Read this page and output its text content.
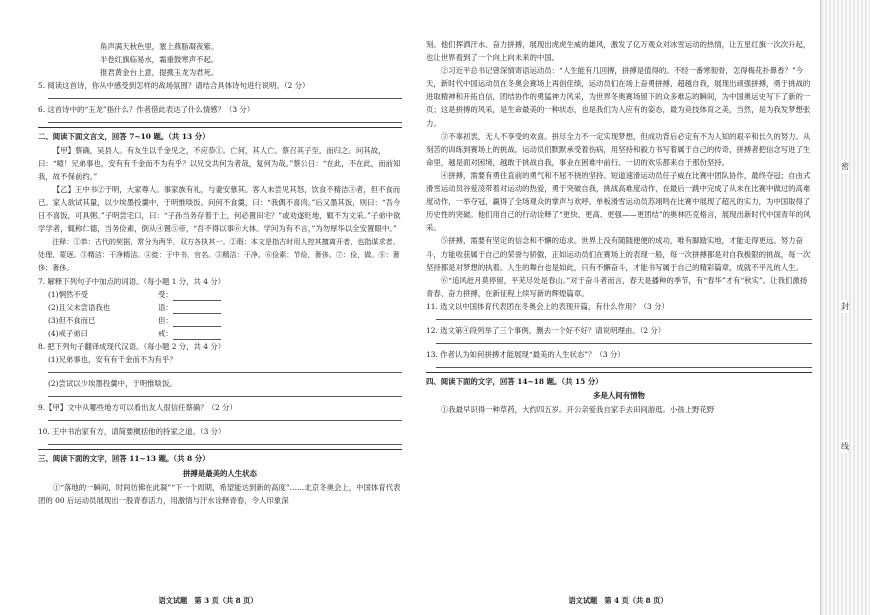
角声满天秋色里，塞上燕脂凝夜紫。

半卷红旗临易水，霜重鼓寒声不起。

报君黄金台上意，提携玉龙为君死。

5. 阅读这首诗，你从中感受到怎样的战场氛围？请结合具体诗句进行说明。（2 分）

6. 这首诗中的“玉龙”指什么？作者借此表达了什么情感？（3 分）

二、阅读下面文言文，回答 7~10 题。（共 13 分）

【甲】蔡确，吴县人。有友生以千金见之，不应恭①。亡何，其人亡。蔡召其子至，而归之。问其故，曰：“噫！兄弟事也，安有有千金而不为有乎？以兄交共何为者哉，复何为哉。”蔡公日：“在此，不在此，而前知我，故不保前约。”

【乙】王中书②于明，大家尊人。事家族有礼，与妻安慕其。客人未尝见其怒，饮食不精洁③者，但不食而已。家人欲试其量，以少埃墨投羹中，于明惟啖饭。问何不食羹，曰：“我偶不喜肉。”后又墨其饭，则曰：“吾今日不喜饭，可具粥。”子明尝宅口，曰：“子孙当务存着于上，何必置田宅？”或劝遂贬地，辄不为文采。”子弟中欲学学者，辄称仁德，当务俭素，倒从④置⑤帝，“吾不得以事⑥大体。学问为有不言，”为勿厚华以全安置眼中。”

注释：①恭：古代的契据，常分为两半，双方各执其一。②瑕：本文是指古时用人控其擅离开者，也指谋求者、处理、蒙逐。③精洁：干净精洁。④徙：于中书，官名。⑤精洁：干净。⑥俭素：节俭，奢侈。⑦：俭，做。⑧：奢侈；奢侈。

7. 解释下列句子中加点的词语。（每小题 1 分，共 4 分）

(1)惘然不受	受：
(2)且父未尝语我也	语：
(3)但不食而已	但：
(4)戒子弟曰	戒：

8. 把下列句子翻译成现代汉语。（每小题 2 分，共 4 分）

(1)兄弟事也，安有有千金而不为有乎？

(2)尝试以少埃墨投羹中，于明惟啖饭。

9.【甲】文中从哪些地方可以看出友人很信任蔡确？（2 分）

10. 王中书治家有方，请简要概括他的持家之道。（3 分）

三、阅读下面的文字，回答 11~13 题。（共 8 分）

拼搏是最美的人生状态

①“落地的一瞬间，时间仿佛在此凝”“下一个周期，希望能达到新的高度”……北京冬奥会上，中国体育代表团的 00 后运动员展现出一股青春活力，用激情与汗水诠释青春，令人印象深

语文试题　第 3 页（共 8 页）

刻。他们挥洒汗水、奋力拼搏，展现出虎虎生威的雄风，激发了亿万观众对冰雪运动的热情，让五星红旗一次次升起，也让世界看到了一个向上向未来的中国。

②习近平总书记曾深情寄语运动员：“人生能有几回搏，拼搏是值得的。不经一番寒彻骨，怎得梅花扑鼻香？”今天，新时代中国运动员在冬奥会赛场上再创佳绩，运动员们在场上奋勇拼搏、超越自我，展现出顽强拼搏，勇于挑战的进取精神和开拓自信，团结协作的勇猛神力风采，为世界冬奥赛场留下的众多难忘的瞬间，为中国奥运史写下了新的一页；这是拼搏的风采，是生命最美的一种状态，也是我们为人应有的姿态，最为竞技体育之美，当然，是为我发梦想张力。

③不辜初衷，无人不享受的欢喜。拼尽全力不一定实现梦想，但成功背后必定有不为人知的艰辛和长久的努力。从刻苦的训练到赛场上的挑战，运动员们默默承受着伤病，用坚持和毅力书写着属于自己的传奇，拼搏者把信念写进了生命里，越是面对困境，越敢于挑战自我，事业在困难中前行。一切的欢乐都来自于那份坚持。

④拼搏，需要有勇往直前的勇气和不屈不挠的坚持。短道速滑运动员任子威在比赛中团队协作，最终夺冠；自由式滑雪运动员谷爱凌带着对运动的热爱，勇于突破自我，挑战高难度动作，在最后一跳中完成了从未在比赛中做过的高难度动作，一举夺冠，赢得了全场观众的掌声与欢呼。单板滑雪运动员苏翊鸣在比赛中展现了超凡的实力，为中国取得了历史性的突破。他们用自己的行动诠释了“更快、更高、更强——更团结”的奥林匹克格言，展现出新时代中国青年的风采。

⑤拼搏，需要有坚定的信念和不懈的追求。世界上没有随随便便的成功，唯有脚踏实地，才能走得更远。努力奋斗，方能收获属于自己的荣誉与骄傲，正如运动员们在赛场上的表现一般，每一次拼搏都是对自我极限的挑战，每一次坚持都是对梦想的执着。人生的舞台也是如此，只有不懈奋斗，才能书写属于自己的精彩篇章，成就不平凡的人生。

⑥“追风赶月莫停留，平芜尽处是春山。”对于奋斗者而言，春天是播种的季节，有“春华”才有“秋实”。让我们激扬青春、奋力拼搏，在新征程上续写新的辉煌篇章。

11. 选文以中国体育代表团在冬奥会上的表现开篇，有什么作用？（3 分）

12. 选文第④段列举了三个事例，删去一个好不好？请说明理由。（2 分）

13. 作者认为如何拼搏才能展现“最美的人生状态”？（3 分）

四、阅读下面的文字，回答 14~18 题。（共 15 分）

多是人间有情物

①我最早识得一种草药，大约四五岁。开公亲爱我自家手去田间游逛。小孩上野花野

语文试题　第 4 页（共 8 页）
密
封
线
